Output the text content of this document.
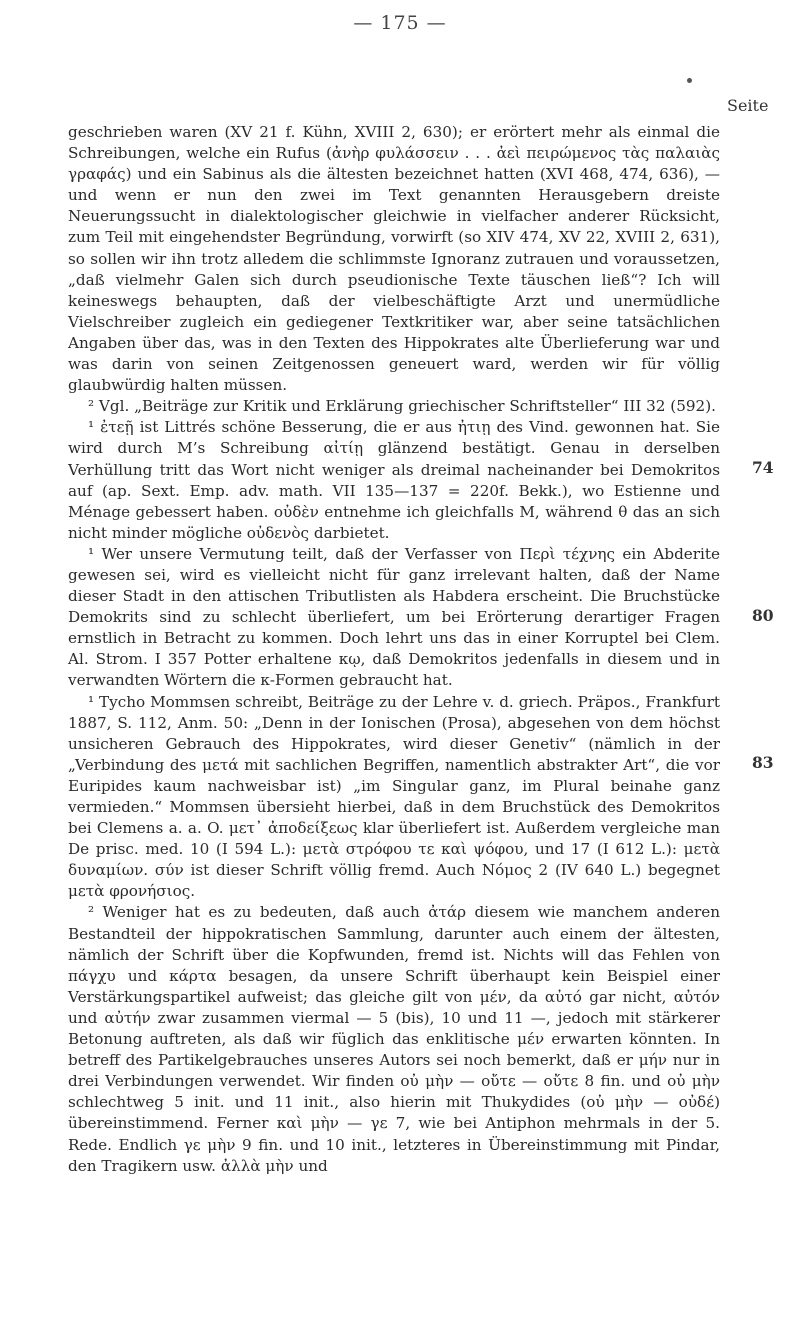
— 175 —
Seite

geschrieben waren (XV 21 f. Kühn, XVIII 2, 630); er erörtert mehr als einmal die Schreibungen, welche ein Rufus (ἀνὴρ φυλάσσειν . . . ἀεὶ πειρώμενος τὰς παλαιὰς γραφάς) und ein Sabinus als die ältesten bezeichnet hatten (XVI 468, 474, 636), — und wenn er nun den zwei im Text genannten Herausgebern dreiste Neuerungssucht in dialektologischer gleichwie in vielfacher anderer Rücksicht, zum Teil mit eingehendster Begründung, vorwirft (so XIV 474, XV 22, XVIII 2, 631), so sollen wir ihn trotz alledem die schlimmste Ignoranz zutrauen und voraussetzen, „daß vielmehr Galen sich durch pseudionische Texte täuschen ließ“? Ich will keineswegs behaupten, daß der vielbeschäftigte Arzt und unermüdliche Vielschreiber zugleich ein gediegener Textkritiker war, aber seine tatsächlichen Angaben über das, was in den Texten des Hippokrates alte Überlieferung war und was darin von seinen Zeitgenossen geneuert ward, werden wir für völlig glaubwürdig halten müssen.

² Vgl. „Beiträge zur Kritik und Erklärung griechischer Schriftsteller“ III 32 (592).

¹ ἐτεῇ ist Littrés schöne Besserung, die er aus ἠτιῃ des Vind. gewonnen hat. Sie wird durch M’s Schreibung αἰτίῃ glänzend bestätigt. Genau in derselben Verhüllung tritt das Wort nicht weniger als dreimal nacheinander bei Demokritos auf (ap. Sext. Emp. adv. math. VII 135—137 = 220f. Bekk.), wo Estienne und Ménage gebessert haben. οὐδὲν entnehme ich gleichfalls M, während θ das an sich nicht minder mögliche οὐδενὸς darbietet.

¹ Wer unsere Vermutung teilt, daß der Verfasser von Περὶ τέχνης ein Abderite gewesen sei, wird es vielleicht nicht für ganz irrelevant halten, daß der Name dieser Stadt in den attischen Tributlisten als Habdera erscheint. Die Bruchstücke Demokrits sind zu schlecht überliefert, um bei Erörterung derartiger Fragen ernstlich in Betracht zu kommen. Doch lehrt uns das in einer Korruptel bei Clem. Al. Strom. I 357 Potter erhaltene κῳ, daß Demokritos jedenfalls in diesem und in verwandten Wörtern die κ-Formen gebraucht hat.

¹ Tycho Mommsen schreibt, Beiträge zu der Lehre v. d. griech. Präpos., Frankfurt 1887, S. 112, Anm. 50: „Denn in der Ionischen (Prosa), abgesehen von dem höchst unsicheren Gebrauch des Hippokrates, wird dieser Genetiv“ (nämlich in der „Verbindung des μετά mit sachlichen Begriffen, namentlich abstrakter Art“, die vor Euripides kaum nachweisbar ist) „im Singular ganz, im Plural beinahe ganz vermieden.“ Mommsen übersieht hierbei, daß in dem Bruchstück des Demokritos bei Clemens a. a. O. μετ᾽ ἀποδείξεως klar überliefert ist. Außerdem vergleiche man De prisc. med. 10 (I 594 L.): μετὰ στρόφου τε καὶ ψόφου, und 17 (I 612 L.): μετὰ δυναμίων. σύν ist dieser Schrift völlig fremd. Auch Νόμος 2 (IV 640 L.) begegnet μετὰ φρονήσιος.

² Weniger hat es zu bedeuten, daß auch ἀτάρ diesem wie manchem anderen Bestandteil der hippokratischen Sammlung, darunter auch einem der ältesten, nämlich der Schrift über die Kopfwunden, fremd ist. Nichts will das Fehlen von πάγχυ und κάρτα besagen, da unsere Schrift überhaupt kein Beispiel einer Verstärkungspartikel aufweist; das gleiche gilt von μέν, da αὐτό gar nicht, αὐτόν und αὐτήν zwar zusammen viermal — 5 (bis), 10 und 11 —, jedoch mit stärkerer Betonung auftreten, als daß wir füglich das enklitische μέν erwarten könnten. In betreff des Partikelgebrauches unseres Autors sei noch bemerkt, daß er μήν nur in drei Verbindungen verwendet. Wir finden οὐ μὴν — οὔτε — οὔτε 8 fin. und οὐ μὴν schlechtweg 5 init. und 11 init., also hierin mit Thukydides (οὐ μὴν — οὐδέ) übereinstimmend. Ferner καὶ μὴν — γε 7, wie bei Antiphon mehrmals in der 5. Rede. Endlich γε μὴν 9 fin. und 10 init., letzteres in Übereinstimmung mit Pindar, den Tragikern usw. ἀλλὰ μὴν und

74
80
83
